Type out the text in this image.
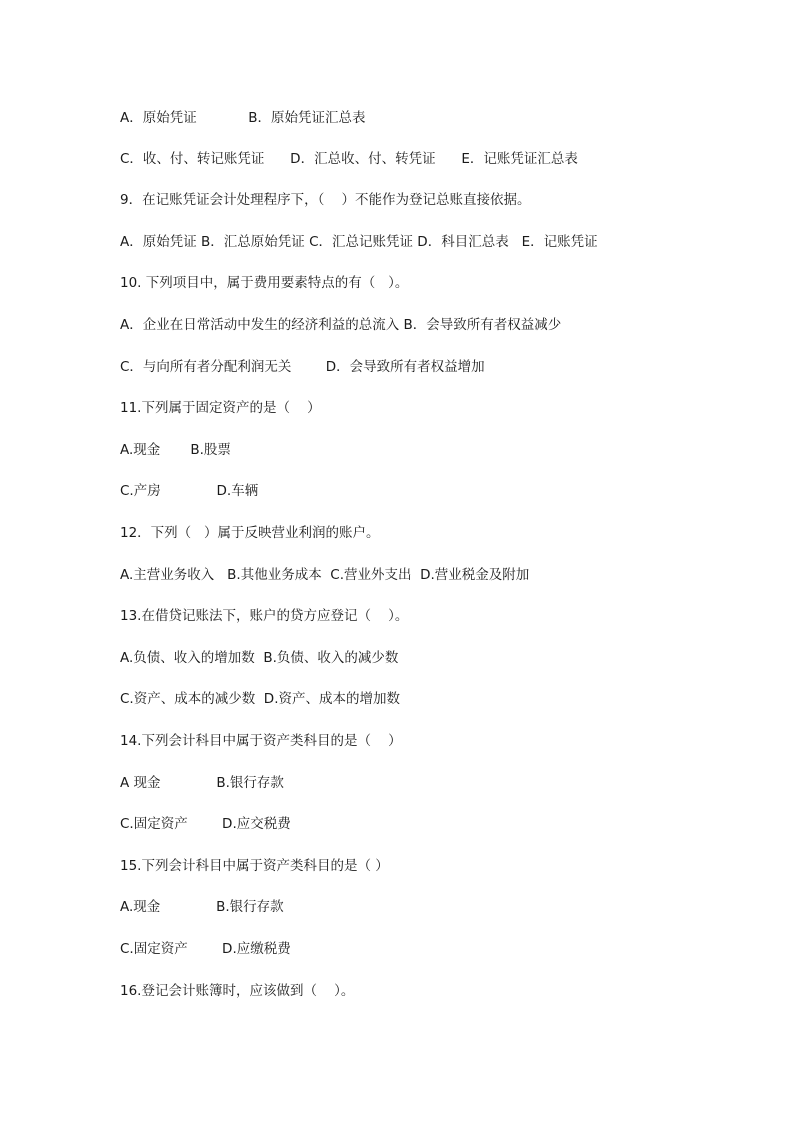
A．原始凭证            B．原始凭证汇总表
C．收、付、转记账凭证      D．汇总收、付、转凭证      E．记账凭证汇总表
9．在记账凭证会计处理程序下，（    ）不能作为登记总账直接依据。
A．原始凭证 B．汇总原始凭证 C．汇总记账凭证 D．科目汇总表   E．记账凭证
10. 下列项目中，属于费用要素特点的有（   ）。
A．企业在日常活动中发生的经济利益的总流入 B．会导致所有者权益减少
C．与向所有者分配利润无关        D．会导致所有者权益增加
11.下列属于固定资产的是（    ）
A.现金       B.股票
C.产房             D.车辆
12．下列（   ）属于反映营业利润的账户。
A.主营业务收入   B.其他业务成本  C.营业外支出  D.营业税金及附加
13.在借贷记账法下，账户的贷方应登记（    ）。
A.负债、收入的增加数  B.负债、收入的减少数
C.资产、成本的减少数  D.资产、成本的增加数
14.下列会计科目中属于资产类科目的是（    ）
A 现金             B.银行存款
C.固定资产        D.应交税费
15.下列会计科目中属于资产类科目的是（ ）
A.现金             B.银行存款
C.固定资产        D.应缴税费
16.登记会计账簿时，应该做到（    ）。
